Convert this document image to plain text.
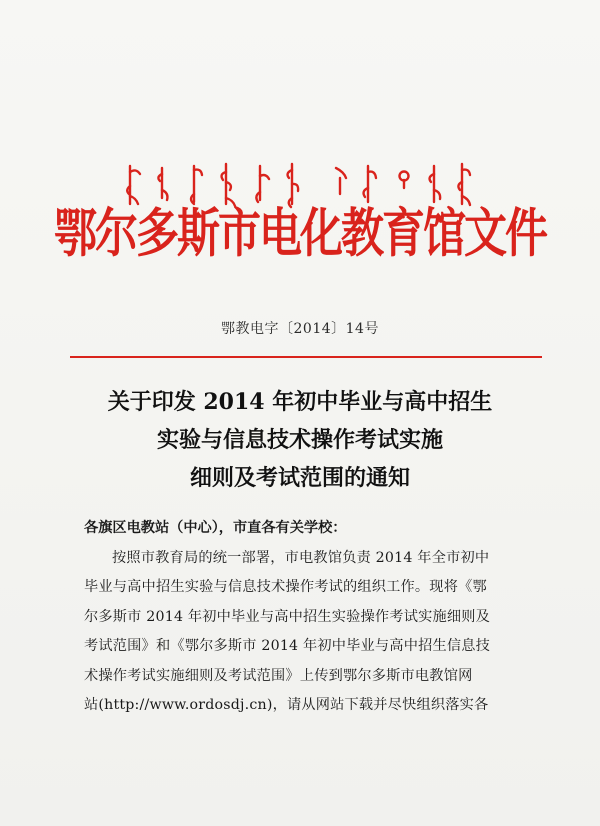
鄂尔多斯市电化教育馆文件
鄂教电字〔2014〕14号
关于印发 2014 年初中毕业与高中招生
实验与信息技术操作考试实施
细则及考试范围的通知
各旗区电教站（中心），市直各有关学校：
按照市教育局的统一部署，市电教馆负责 2014 年全市初中
毕业与高中招生实验与信息技术操作考试的组织工作。现将《鄂
尔多斯市 2014 年初中毕业与高中招生实验操作考试实施细则及
考试范围》和《鄂尔多斯市 2014 年初中毕业与高中招生信息技
术操作考试实施细则及考试范围》上传到鄂尔多斯市电教馆网
站(http://www.ordosdj.cn)，请从网站下载并尽快组织落实各
